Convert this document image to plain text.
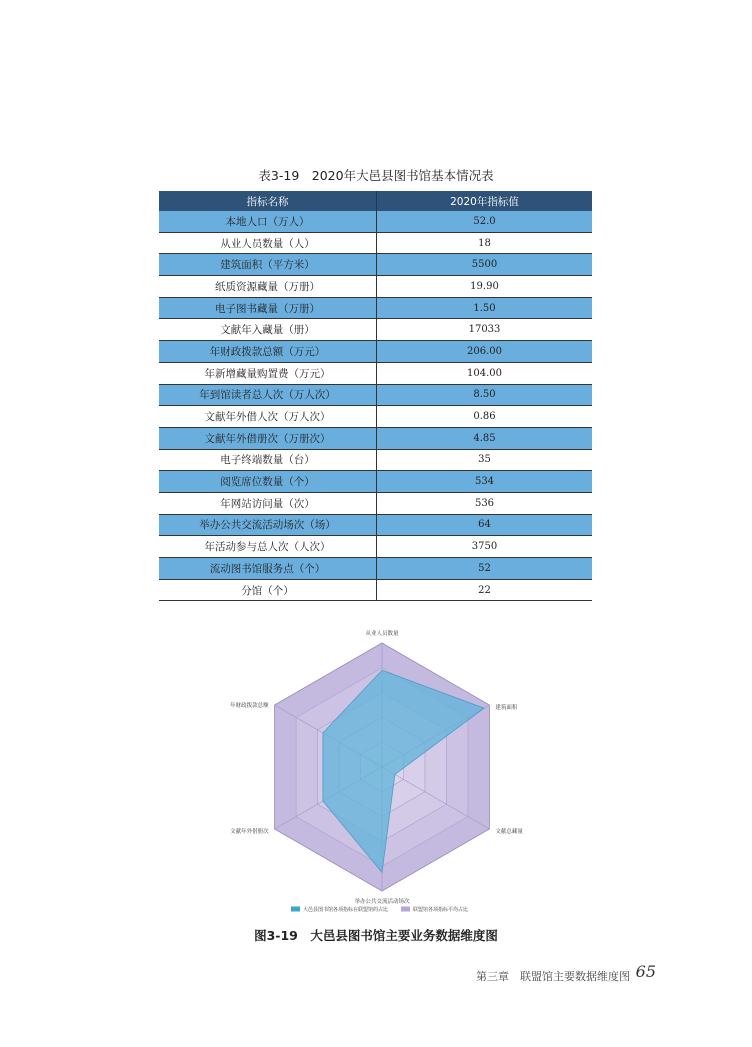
表3-19　2020年大邑县图书馆基本情况表
指标名称	2020年指标值
本地人口（万人）	52.0
从业人员数量（人）	18
建筑面积（平方米）	5500
纸质资源藏量（万册）	19.90
电子图书藏量（万册）	1.50
文献年入藏量（册）	17033
年财政拨款总额（万元）	206.00
年新增藏量购置费（万元）	104.00
年到馆读者总人次（万人次）	8.50
文献年外借人次（万人次）	0.86
文献年外借册次（万册次）	4.85
电子终端数量（台）	35
阅览席位数量（个）	534
年网站访问量（次）	536
举办公共交流活动场次（场）	64
年活动参与总人次（人次）	3750
流动图书馆服务点（个）	52
分馆（个）	22
从业人员数量
建筑面积
文献总藏量
举办公共交流活动场次
文献年外借册次
年财政拨款总额
大邑县图书馆各项指标在联盟馆的占比	联盟馆各项指标平均占比
图3-19　大邑县图书馆主要业务数据维度图
第三章　联盟馆主要数据维度图 65
